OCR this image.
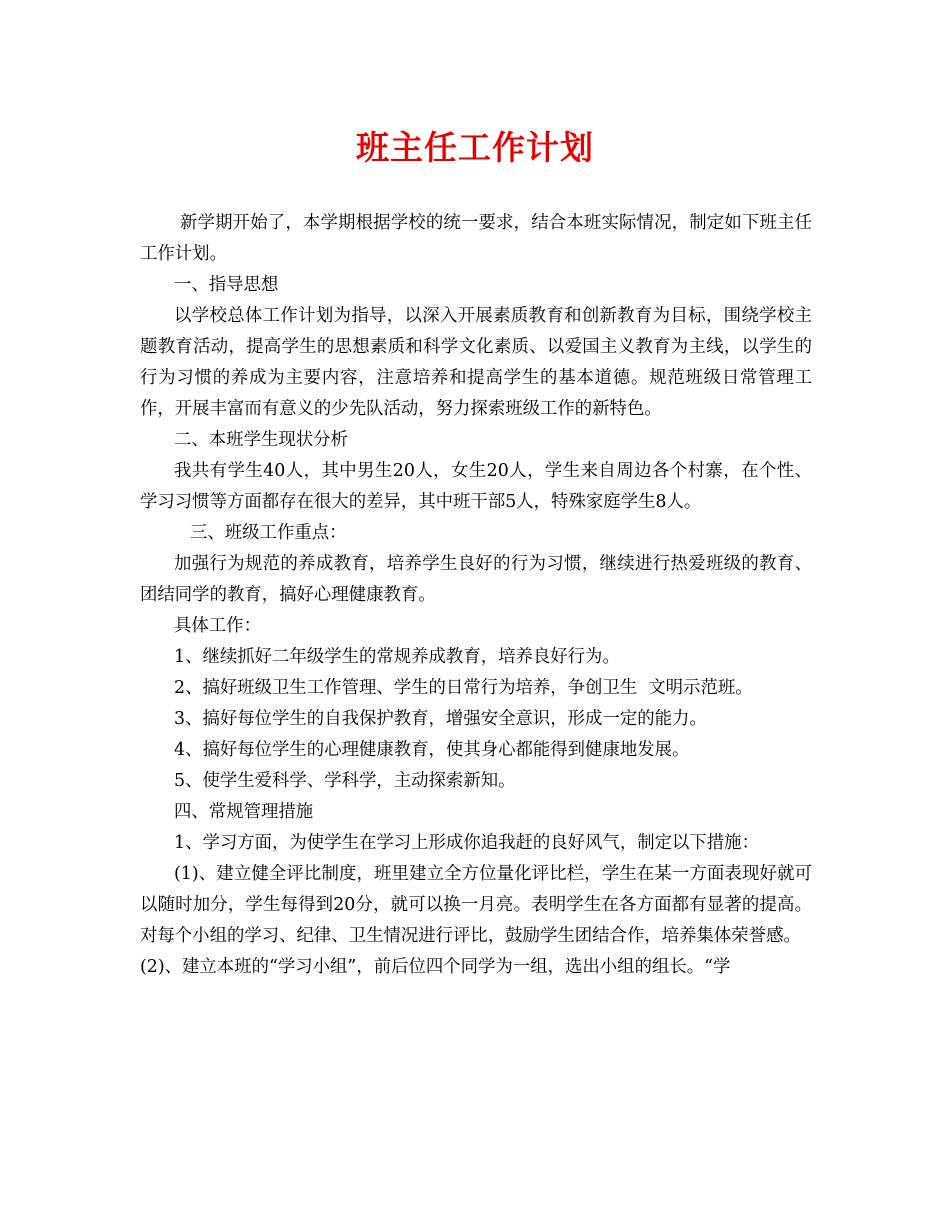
班主任工作计划

新学期开始了，本学期根据学校的统一要求，结合本班实际情况，制定如下班主任工作计划。

一、指导思想

以学校总体工作计划为指导，以深入开展素质教育和创新教育为目标，围绕学校主题教育活动，提高学生的思想素质和科学文化素质、以爱国主义教育为主线，以学生的行为习惯的养成为主要内容，注意培养和提高学生的基本道德。规范班级日常管理工作，开展丰富而有意义的少先队活动，努力探索班级工作的新特色。

二、本班学生现状分析

我共有学生40人，其中男生20人，女生20人，学生来自周边各个村寨，在个性、学习习惯等方面都存在很大的差异，其中班干部5人，特殊家庭学生8人。

三、班级工作重点：

加强行为规范的养成教育，培养学生良好的行为习惯，继续进行热爱班级的教育、团结同学的教育，搞好心理健康教育。

具体工作：

1、继续抓好二年级学生的常规养成教育，培养良好行为。

2、搞好班级卫生工作管理、学生的日常行为培养，争创卫生  文明示范班。

3、搞好每位学生的自我保护教育，增强安全意识，形成一定的能力。

4、搞好每位学生的心理健康教育，使其身心都能得到健康地发展。

5、使学生爱科学、学科学，主动探索新知。

四、常规管理措施

1、学习方面，为使学生在学习上形成你追我赶的良好风气，制定以下措施：

(1)、建立健全评比制度，班里建立全方位量化评比栏，学生在某一方面表现好就可以随时加分，学生每得到20分，就可以换一月亮。表明学生在各方面都有显著的提高。对每个小组的学习、纪律、卫生情况进行评比，鼓励学生团结合作，培养集体荣誉感。

(2)、建立本班的“学习小组”，前后位四个同学为一组，选出小组的组长。“学
